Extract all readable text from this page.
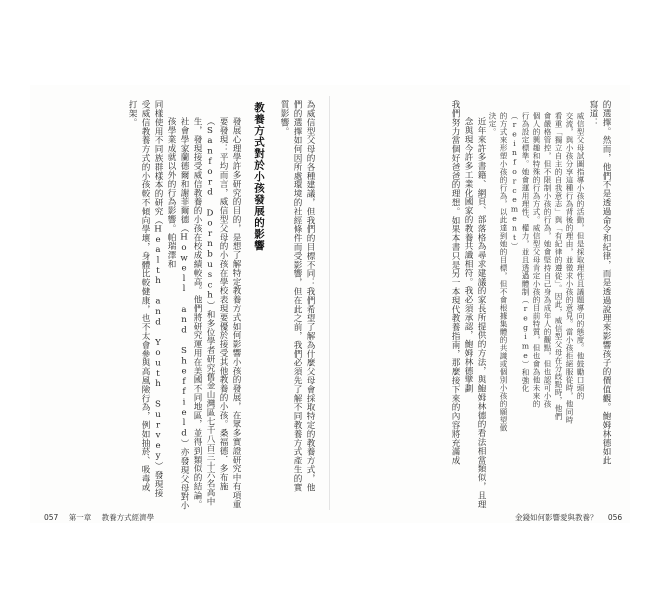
的選擇。然而，他們不是透過命令和紀律，而是透過說理來影響孩子的價值觀。鮑姆林德如此
寫道：
威信型父母試圖指導小孩的活動，但是採取理性且議題導向的態度。他鼓勵口頭的
交流，與小孩分享這種行為背後的理由，並徵求小孩的意見。當小孩拒絕服從時，他同時
看重「獨立自主的自我意志」與「有紀律的遵從」。因此，威信型父母在分歧點時，他們
會嚴格管控，但不限制小孩的行為，她會堅持自己身為成年人的觀點，但也認可小孩
個人的興趣和特殊的行為方式。威信型父母肯定小孩的目前特質，但也會為他未來的
行為設定標準。她會運用理性、權力，並且透過體制（regime）和強化（reinforcement）
的方式來形塑小孩的行為，以此達到她的目標，但不會根據集體的共識或個別小孩的願望做
決定。
近年來許多書籍、網頁、部落格為尋求建議的家長所提供的方法，與鮑姆林德的看法相當類似，且理念與現今許多工業化國家的教養共識相符。我必須承認，鮑姆林德擘劃
我們努力當個好爸爸的理想。如果本書只是另一本現代教養指南，那麼接下來的內容將充滿成
為威信型父母的各種建議，但我們的目標不同：我們希望了解為什麼父母會採取特定的教養方式，他們的選擇如何因所處環境的社經條件而受影響，但在此之前，我們必須先了解不同教養方式產生的實質影響。
教養方式對於小孩發展的影響
發展心理學許多研究的目的，是想了解特定教養方式如何影響小孩的發展，在眾多實證研究中有項重要發現：平均而言，威信型父母的小孩在學校表現要優於接受其他教養的小孩。桑福德．多布施（Sanford Dornbusch）和多位學者研究舊金山灣區七千八百三十六名高中生，發現接受威信教養的小孩在校成績較高。他們將研究運用在美國不同地區，並得到類似的結論。社會學家蘭德爾和謝菲爾德（Howell and Sheffield）亦發現父母對小孩學業成就以外的行為影響。帕瑞澤和
同樣使用不同族群樣本的研究（Health and Youth Survey）發現接受威信教養方式的小孩較不傾向學壞，身體比較健康，也不太會參與高風險行為，例如抽菸、吸毒或打架。
057 第一章 教養方式經濟學	金錢如何影響愛與教養？ 056
